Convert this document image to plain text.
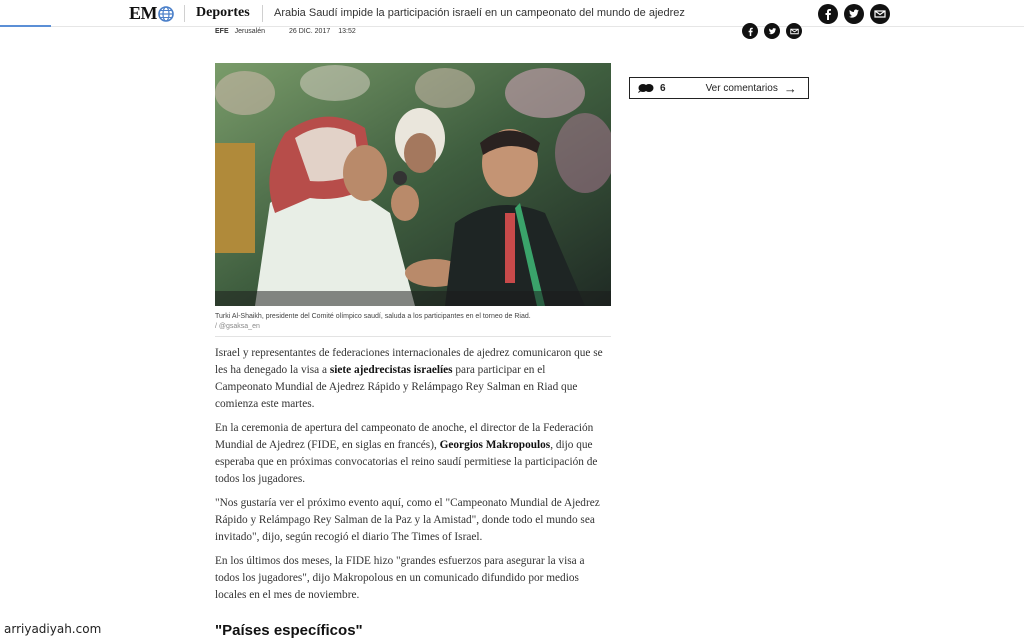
EM	Deportes Arabia Saudí impide la participación israelí en un campeonato del mundo de ajedrez
EFE Jerusalén	26 DIC. 2017 13:52
Turki Al-Shaikh, presidente del Comité olímpico saudí, saluda a los participantes en el torneo de Riad.
/ @gsaksa_en
6	Ver comentarios →

Israel y representantes de federaciones internacionales de ajedrez comunicaron que se les ha denegado la visa a siete ajedrecistas israelíes para participar en el Campeonato Mundial de Ajedrez Rápido y Relámpago Rey Salman en Riad que comienza este martes.

En la ceremonia de apertura del campeonato de anoche, el director de la Federación Mundial de Ajedrez (FIDE, en siglas en francés), Georgios Makropoulos, dijo que esperaba que en próximas convocatorias el reino saudí permitiese la participación de todos los jugadores.

"Nos gustaría ver el próximo evento aquí, como el "Campeonato Mundial de Ajedrez Rápido y Relámpago Rey Salman de la Paz y la Amistad", donde todo el mundo sea invitado", dijo, según recogió el diario The Times of Israel.

En los últimos dos meses, la FIDE hizo "grandes esfuerzos para asegurar la visa a todos los jugadores", dijo Makropolous en un comunicado difundido por medios locales en el mes de noviembre.

"Países específicos"
arriyadiyah.com
